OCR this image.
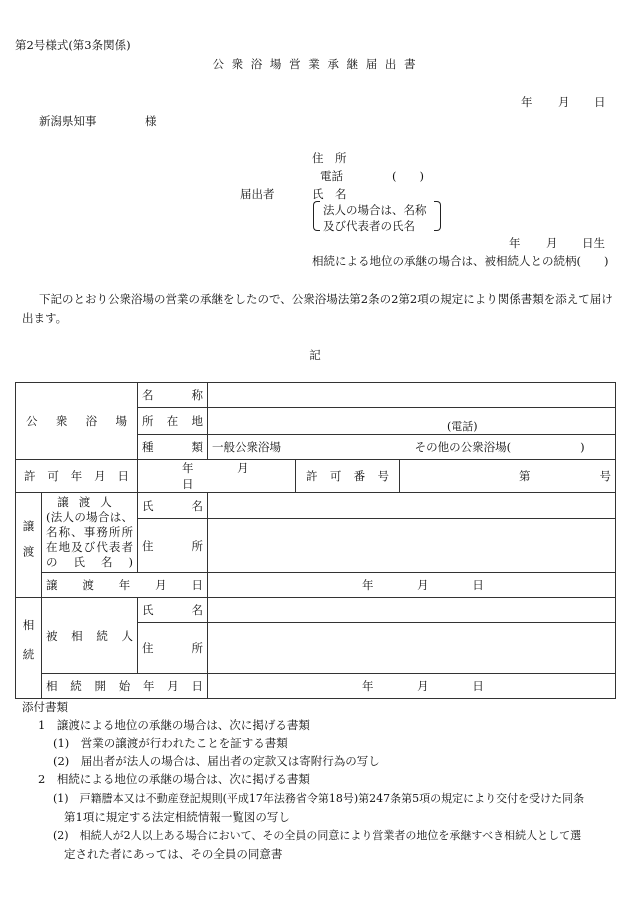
第2号様式(第3条関係)
公 衆 浴 場 営 業 承 継 届 出 書
年 月 日
新潟県知事	様
住　所
電話	(　　)
届出者	氏　名
法人の場合は、名称
及び代表者の氏名
年 月 日生
相続による地位の承継の場合は、被相続人との続柄(　　)
下記のとおり公衆浴場の営業の承継をしたので、公衆浴場法第2条の2第2項の規定により関係書類を添えて届け
出ます。
記
公衆浴場		名称			

		所在地	(電話)		

		種類	一般公衆浴場 その他の公衆浴場(　　　　　　)		

許可年月日		年 月 日		許可番号	第 号

譲渡	譲渡人
(法人の場合は、名称、事務所所在地及び代表者の氏名)	氏名			

		住所			

	譲渡年月日		年 月 日		

相続	被相続人	氏名			

		住所			

	相続開始年月日		年 月 日		
添付書類
1　譲渡による地位の承継の場合は、次に掲げる書類
(1)　営業の譲渡が行われたことを証する書類
(2)　届出者が法人の場合は、届出者の定款又は寄附行為の写し
2　相続による地位の承継の場合は、次に掲げる書類
(1)　戸籍謄本又は不動産登記規則(平成17年法務省令第18号)第247条第5項の規定により交付を受けた同条
第1項に規定する法定相続情報一覧図の写し
(2)　相続人が2人以上ある場合において、その全員の同意により営業者の地位を承継すべき相続人として選
定された者にあっては、その全員の同意書
